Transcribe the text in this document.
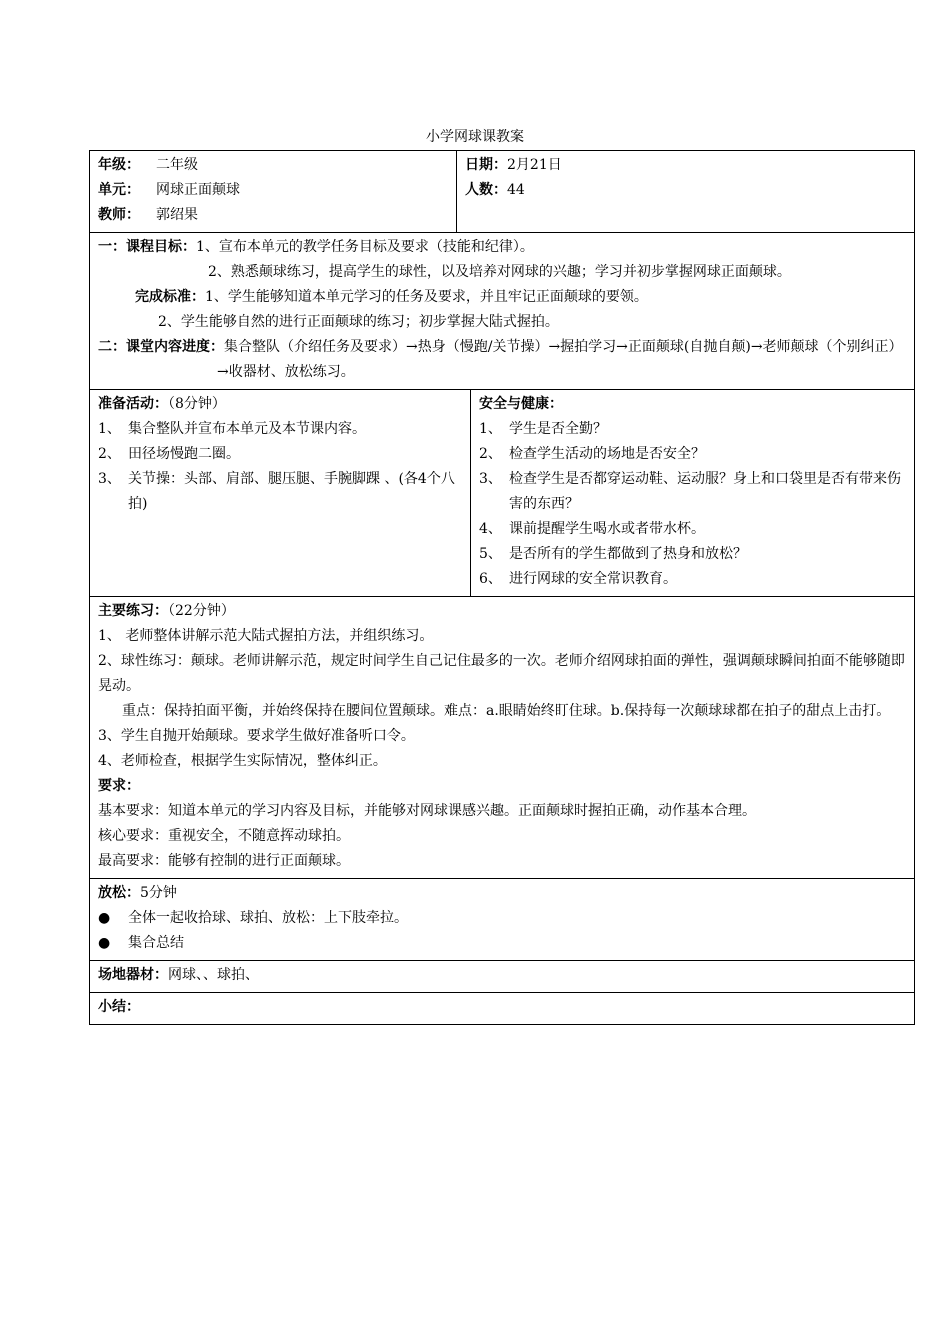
小学网球课教案
年级： 二年级
单元： 网球正面颠球
教师： 郭绍果
日期：2月21日
人数：44
一：课程目标：1、宣布本单元的教学任务目标及要求（技能和纪律）。
2、熟悉颠球练习，提高学生的球性，以及培养对网球的兴趣；学习并初步掌握网球正面颠球。
完成标准：1、学生能够知道本单元学习的任务及要求，并且牢记正面颠球的要领。
2、学生能够自然的进行正面颠球的练习；初步掌握大陆式握拍。
二：课堂内容进度：集合整队（介绍任务及要求）→热身（慢跑/关节操）→握拍学习→正面颠球(自抛自颠)→老师颠球（个别纠正）→收器材、放松练习。
准备活动：（8分钟）
1、 集合整队并宣布本单元及本节课内容。
2、 田径场慢跑二圈。
3、 关节操：头部、肩部、腿压腿、手腕脚踝 、(各4个八拍)
安全与健康：
1、 学生是否全勤？
2、 检查学生活动的场地是否安全？
3、 检查学生是否都穿运动鞋、运动服？身上和口袋里是否有带来伤害的东西？
4、 课前提醒学生喝水或者带水杯。
5、 是否所有的学生都做到了热身和放松？
6、 进行网球的安全常识教育。
主要练习：（22分钟）
1、 老师整体讲解示范大陆式握拍方法，并组织练习。
2、球性练习：颠球。老师讲解示范，规定时间学生自己记住最多的一次。老师介绍网球拍面的弹性，强调颠球瞬间拍面不能够随即晃动。
重点：保持拍面平衡，并始终保持在腰间位置颠球。难点：a.眼睛始终盯住球。b.保持每一次颠球球都在拍子的甜点上击打。
3、学生自抛开始颠球。要求学生做好准备听口令。
4、老师检查，根据学生实际情况，整体纠正。
要求：
基本要求：知道本单元的学习内容及目标，并能够对网球课感兴趣。正面颠球时握拍正确，动作基本合理。
核心要求：重视安全，不随意挥动球拍。
最高要求：能够有控制的进行正面颠球。
放松：5分钟
●	全体一起收拾球、球拍、放松：上下肢牵拉。
●	集合总结
场地器材：网球、、球拍、
小结：
